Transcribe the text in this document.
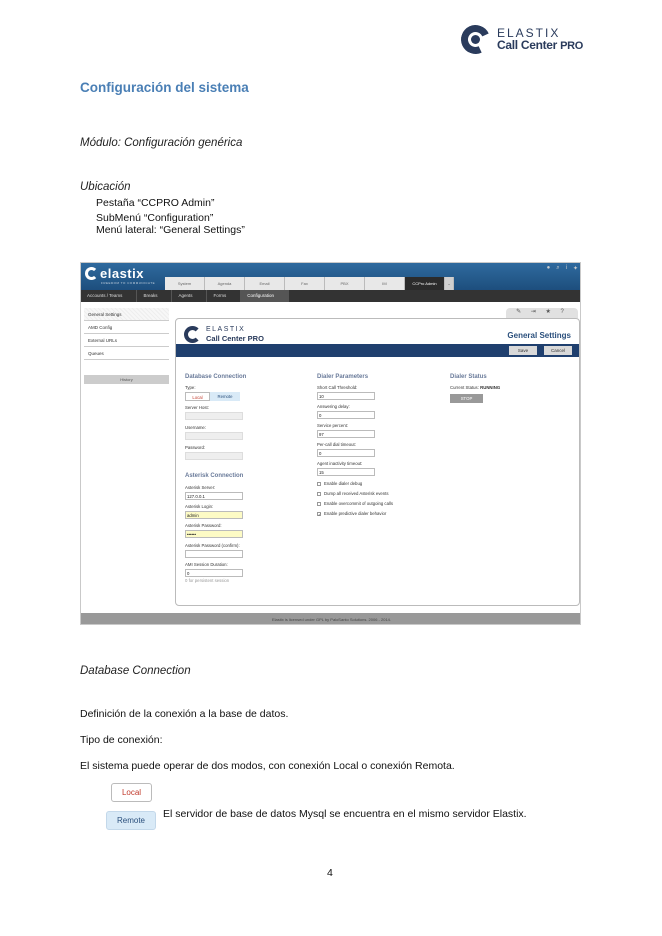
ELASTIX
Call Center PRO
Configuración del sistema
Módulo: Configuración genérica
Ubicación
Pestaña “CCPRO Admin”
SubMenú “Configuration”
Menú lateral: “General Settings”
elastix
FREEDOM TO COMMUNICATE	System	Agenda	Email	Fax	PBX	IM	CCPro Admin	⌄
● ⌕ i ✦
Accounts / Teams	Breaks	Agents	Forms	Configuration
General Settings
AMD Config
External URLs
Queues
History
✎ ⇥ ★ ?
ELASTIX
Call Center PRO	General Settings
Save	Cancel
Database Connection
Type:
Local	Remote
Server Host:
Username:
Password:
Asterisk Connection
Asterisk Server:
127.0.0.1
Asterisk Login:
admin
Asterisk Password:
••••••
Asterisk Password (confirm):
AMI Session Duration:
0
0 for persistent session
Dialer Parameters
Short Call Threshold:
10
Answering delay:
0
Service percent:
97
Per-call dial timeout:
0
Agent inactivity timeout:
15
Enable dialer debug
Dump all received Asterisk events
Enable overcommit of outgoing calls
✓ Enable predictive dialer behavior
Dialer Status
Current Status: RUNNING
STOP
Elastix is licensed under GPL by PaloSanto Solutions. 2006 - 2014.
Database Connection
Definición de la conexión a la base de datos.
Tipo de conexión:
El sistema puede operar de dos modos, con conexión Local o conexión Remota.
Local
Remote
El servidor de base de datos Mysql se encuentra en el mismo servidor Elastix.
4
